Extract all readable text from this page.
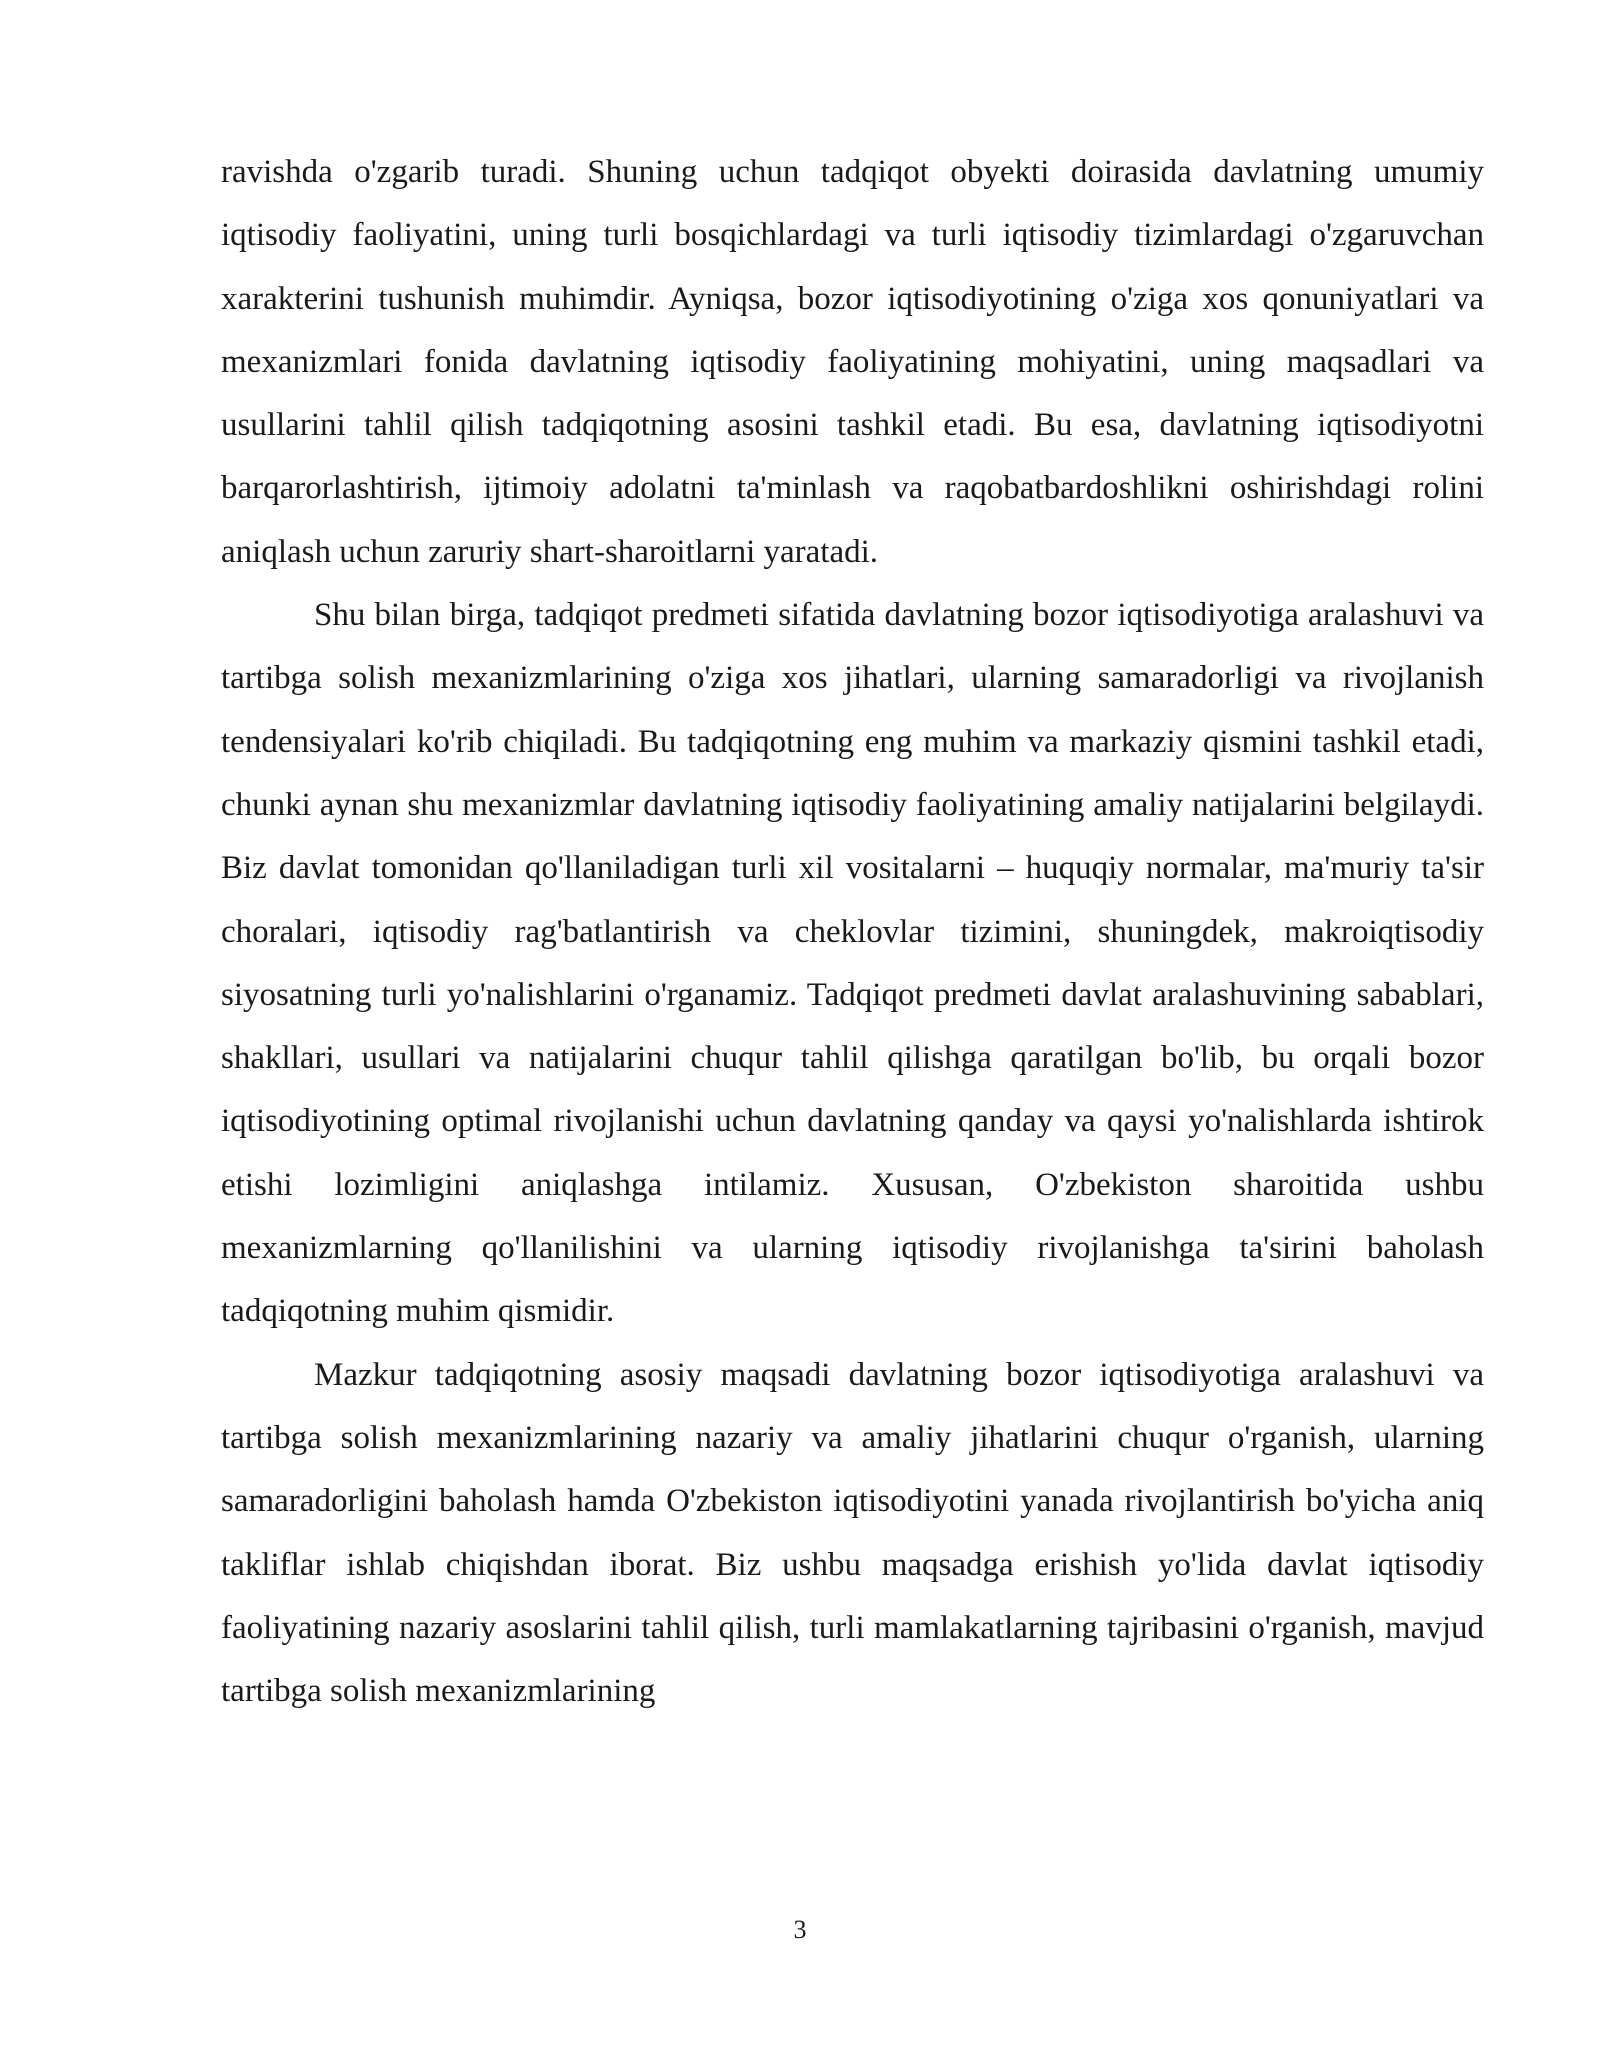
ravishda o'zgarib turadi. Shuning uchun tadqiqot obyekti doirasida davlatning umumiy iqtisodiy faoliyatini, uning turli bosqichlardagi va turli iqtisodiy tizimlardagi o'zgaruvchan xarakterini tushunish muhimdir. Ayniqsa, bozor iqtisodiyotining o'ziga xos qonuniyatlari va mexanizmlari fonida davlatning iqtisodiy faoliyatining mohiyatini, uning maqsadlari va usullarini tahlil qilish tadqiqotning asosini tashkil etadi. Bu esa, davlatning iqtisodiyotni barqarorlashtirish, ijtimoiy adolatni ta'minlash va raqobatbardoshlikni oshirishdagi rolini aniqlash uchun zaruriy shart-sharoitlarni yaratadi.

Shu bilan birga, tadqiqot predmeti sifatida davlatning bozor iqtisodiyotiga aralashuvi va tartibga solish mexanizmlarining o'ziga xos jihatlari, ularning samaradorligi va rivojlanish tendensiyalari ko'rib chiqiladi. Bu tadqiqotning eng muhim va markaziy qismini tashkil etadi, chunki aynan shu mexanizmlar davlatning iqtisodiy faoliyatining amaliy natijalarini belgilaydi. Biz davlat tomonidan qo'llaniladigan turli xil vositalarni – huquqiy normalar, ma'muriy ta'sir choralari, iqtisodiy rag'batlantirish va cheklovlar tizimini, shuningdek, makroiqtisodiy siyosatning turli yo'nalishlarini o'rganamiz. Tadqiqot predmeti davlat aralashuvining sabablari, shakllari, usullari va natijalarini chuqur tahlil qilishga qaratilgan bo'lib, bu orqali bozor iqtisodiyotining optimal rivojlanishi uchun davlatning qanday va qaysi yo'nalishlarda ishtirok etishi lozimligini aniqlashga intilamiz. Xususan, O'zbekiston sharoitida ushbu mexanizmlarning qo'llanilishini va ularning iqtisodiy rivojlanishga ta'sirini baholash tadqiqotning muhim qismidir.

Mazkur tadqiqotning asosiy maqsadi davlatning bozor iqtisodiyotiga aralashuvi va tartibga solish mexanizmlarining nazariy va amaliy jihatlarini chuqur o'rganish, ularning samaradorligini baholash hamda O'zbekiston iqtisodiyotini yanada rivojlantirish bo'yicha aniq takliflar ishlab chiqishdan iborat. Biz ushbu maqsadga erishish yo'lida davlat iqtisodiy faoliyatining nazariy asoslarini tahlil qilish, turli mamlakatlarning tajribasini o'rganish, mavjud tartibga solish mexanizmlarining

3
